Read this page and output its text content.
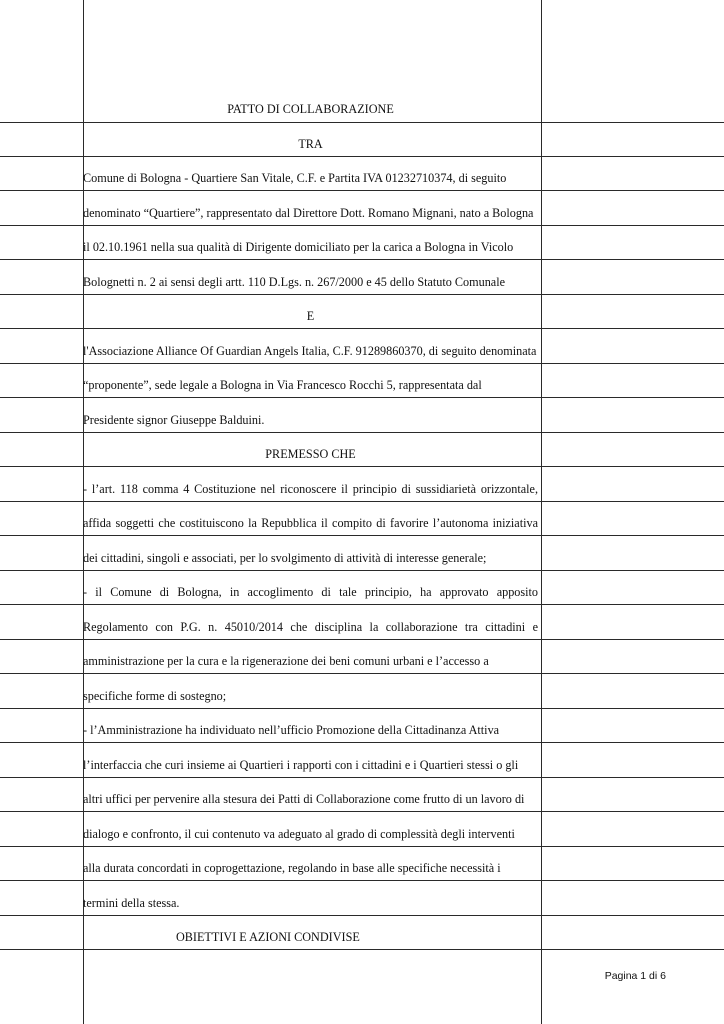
PATTO DI COLLABORAZIONE
TRA
Comune di Bologna - Quartiere San Vitale, C.F. e Partita IVA 01232710374, di seguito
denominato “Quartiere”, rappresentato dal Direttore Dott. Romano Mignani, nato a Bologna
il 02.10.1961 nella sua qualità di Dirigente domiciliato per la carica a Bologna in Vicolo
Bolognetti n. 2 ai sensi degli artt. 110 D.Lgs. n. 267/2000 e 45 dello Statuto Comunale
E
l'Associazione Alliance Of Guardian Angels Italia, C.F. 91289860370, di seguito denominata
“proponente”, sede legale a Bologna in Via Francesco Rocchi 5, rappresentata dal
Presidente signor Giuseppe Balduini.
PREMESSO CHE
- l’art. 118 comma 4 Costituzione nel riconoscere il principio di sussidiarietà orizzontale,
affida soggetti che costituiscono la Repubblica il compito di favorire l’autonoma iniziativa
dei cittadini, singoli e associati, per lo svolgimento di attività di interesse generale;
- il Comune di Bologna, in accoglimento di tale principio, ha approvato apposito
Regolamento con P.G. n. 45010/2014 che disciplina la collaborazione tra cittadini e
amministrazione per la cura e la rigenerazione dei beni comuni urbani e l’accesso a
specifiche forme di sostegno;
- l’Amministrazione ha individuato nell’ufficio Promozione della Cittadinanza Attiva
l’interfaccia che curi insieme ai Quartieri i rapporti con i cittadini e i Quartieri stessi o gli
altri uffici per pervenire alla stesura dei Patti di Collaborazione come frutto di un lavoro di
dialogo e confronto, il cui contenuto va adeguato al grado di complessità degli interventi
alla durata concordati in coprogettazione, regolando in base alle specifiche necessità i
termini della stessa.
OBIETTIVI E AZIONI CONDIVISE
Pagina 1 di 6
